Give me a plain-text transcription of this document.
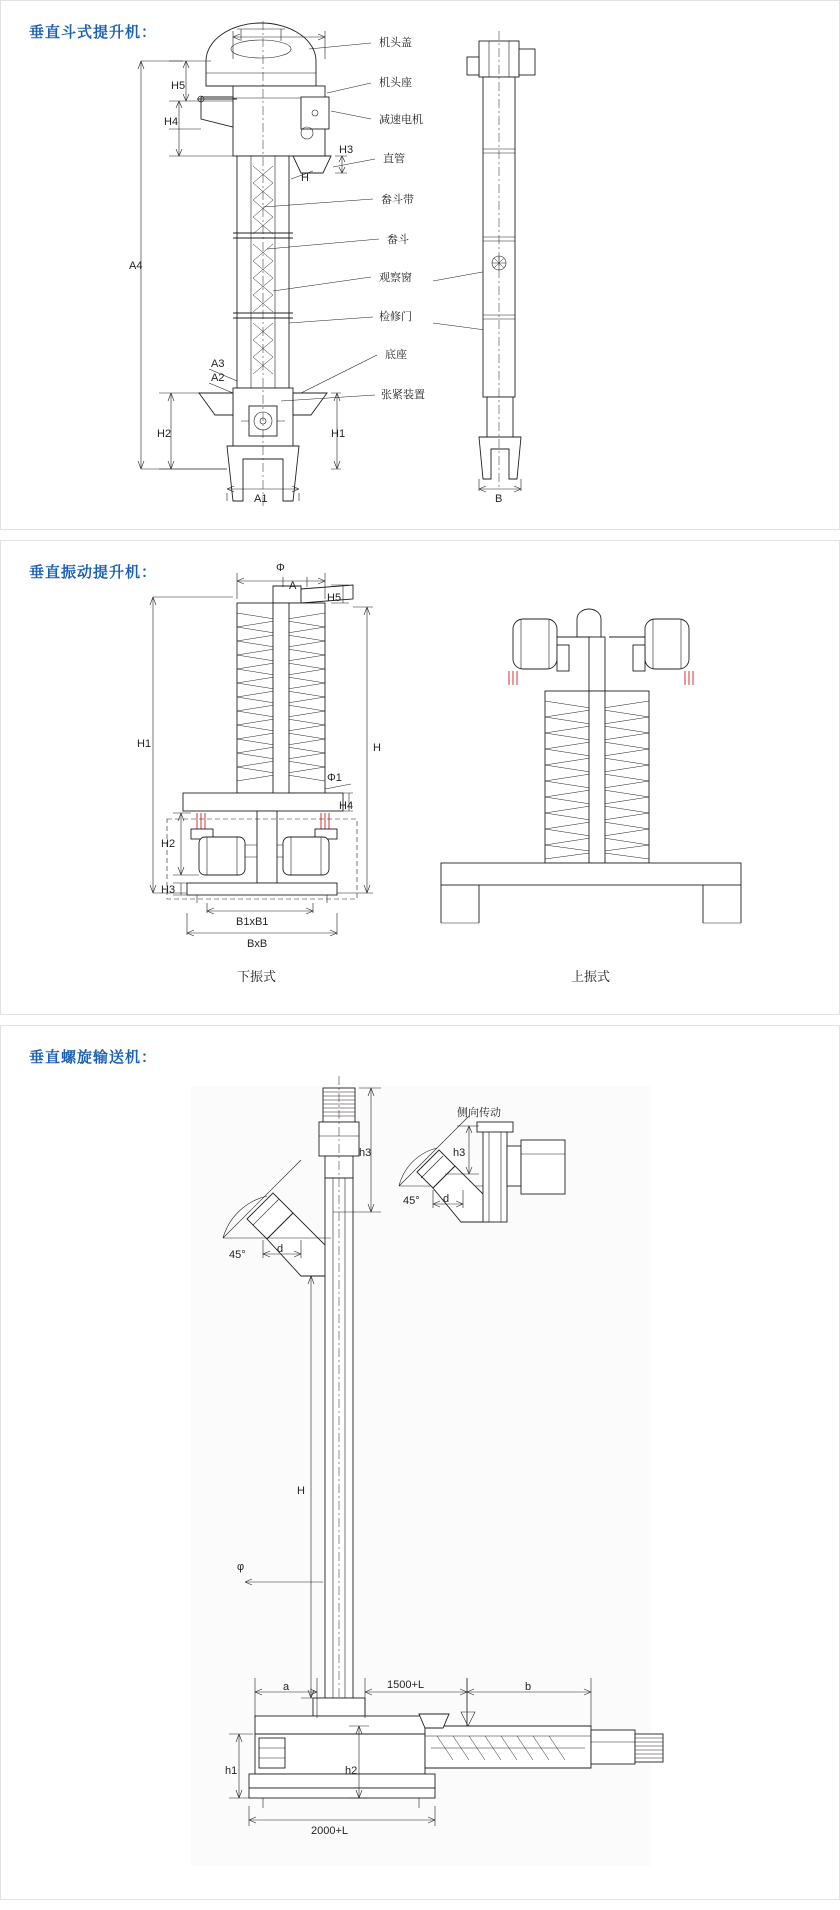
垂直斗式提升机：
A1
H5
H4
H3
H
A4
A3
A2
H2	H1
机头盖
机头座
减速电机
直管
畚斗带
畚斗
观察窗
检修门
底座
张紧装置
B
垂直振动提升机：	Φ
A
H5
H1	H
Φ1
H4
H2
H3
B1xB1
BxB
下振式	上振式
垂直螺旋输送机：
45°	d
h3
H
φ
a	1500+L	b
h1	h2
2000+L
侧向传动
45°
h3
d
